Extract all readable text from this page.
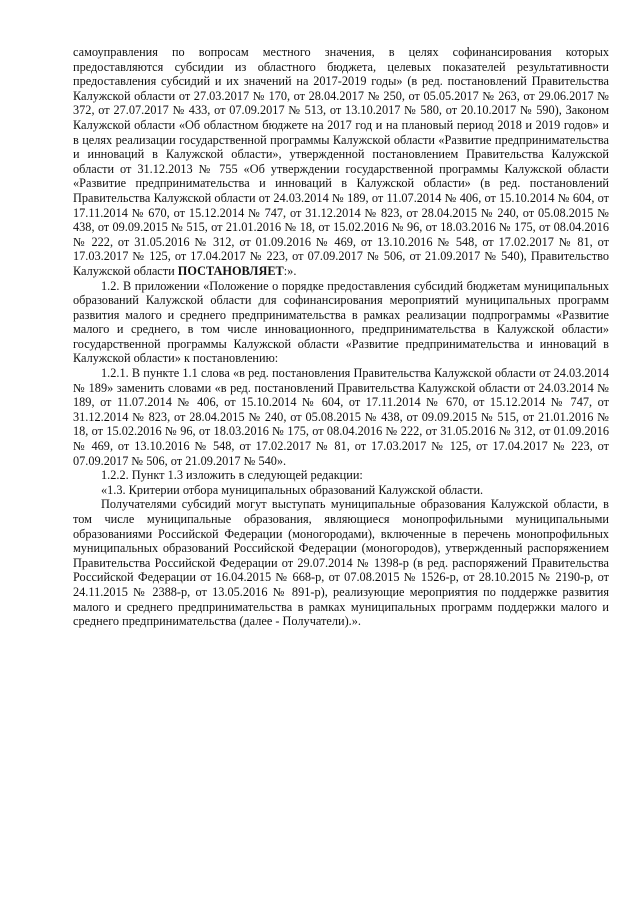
самоуправления по вопросам местного значения, в целях софинансирования которых предоставляются субсидии из областного бюджета, целевых показателей результативности предоставления субсидий и их значений на 2017-2019 годы» (в ред. постановлений Правительства Калужской области от 27.03.2017 № 170, от 28.04.2017 № 250, от 05.05.2017 № 263, от 29.06.2017 № 372, от 27.07.2017 № 433, от 07.09.2017 № 513, от 13.10.2017 № 580, от 20.10.2017 № 590), Законом Калужской области «Об областном бюджете на 2017 год и на плановый период 2018 и 2019 годов» и в целях реализации государственной программы Калужской области «Развитие предпринимательства и инноваций в Калужской области», утвержденной постановлением Правительства Калужской области от 31.12.2013 № 755 «Об утверждении государственной программы Калужской области «Развитие предпринимательства и инноваций в Калужской области» (в ред. постановлений Правительства Калужской области от 24.03.2014 № 189, от 11.07.2014 № 406, от 15.10.2014 № 604, от 17.11.2014 № 670, от 15.12.2014 № 747, от 31.12.2014 № 823, от 28.04.2015 № 240, от 05.08.2015 № 438, от 09.09.2015 № 515, от 21.01.2016 № 18, от 15.02.2016 № 96, от 18.03.2016 № 175, от 08.04.2016 № 222, от 31.05.2016 № 312, от 01.09.2016 № 469, от 13.10.2016 № 548, от 17.02.2017 № 81, от 17.03.2017 № 125, от 17.04.2017 № 223, от 07.09.2017 № 506, от 21.09.2017 № 540), Правительство Калужской области ПОСТАНОВЛЯЕТ:».

1.2. В приложении «Положение о порядке предоставления субсидий бюджетам муниципальных образований Калужской области для софинансирования мероприятий муниципальных программ развития малого и среднего предпринимательства в рамках реализации подпрограммы «Развитие малого и среднего, в том числе инновационного, предпринимательства в Калужской области» государственной программы Калужской области «Развитие предпринимательства и инноваций в Калужской области» к постановлению:

1.2.1. В пункте 1.1 слова «в ред. постановления Правительства Калужской области от 24.03.2014 № 189» заменить словами «в ред. постановлений Правительства Калужской области от 24.03.2014 № 189, от 11.07.2014 № 406, от 15.10.2014 № 604, от 17.11.2014 № 670, от 15.12.2014 № 747, от 31.12.2014 № 823, от 28.04.2015 № 240, от 05.08.2015 № 438, от 09.09.2015 № 515, от 21.01.2016 № 18, от 15.02.2016 № 96, от 18.03.2016 № 175, от 08.04.2016 № 222, от 31.05.2016 № 312, от 01.09.2016 № 469, от 13.10.2016 № 548, от 17.02.2017 № 81, от 17.03.2017 № 125, от 17.04.2017 № 223, от 07.09.2017 № 506, от 21.09.2017 № 540».

1.2.2. Пункт 1.3 изложить в следующей редакции:

«1.3. Критерии отбора муниципальных образований Калужской области.

Получателями субсидий могут выступать муниципальные образования Калужской области, в том числе муниципальные образования, являющиеся монопрофильными муниципальными образованиями Российской Федерации (моногородами), включенные в перечень монопрофильных муниципальных образований Российской Федерации (моногородов), утвержденный распоряжением Правительства Российской Федерации от 29.07.2014 № 1398-р (в ред. распоряжений Правительства Российской Федерации от 16.04.2015 № 668-р, от 07.08.2015 № 1526-р, от 28.10.2015 № 2190-р, от 24.11.2015 № 2388-р, от 13.05.2016 № 891-р), реализующие мероприятия по поддержке развития малого и среднего предпринимательства в рамках муниципальных программ поддержки малого и среднего предпринимательства (далее - Получатели).».
